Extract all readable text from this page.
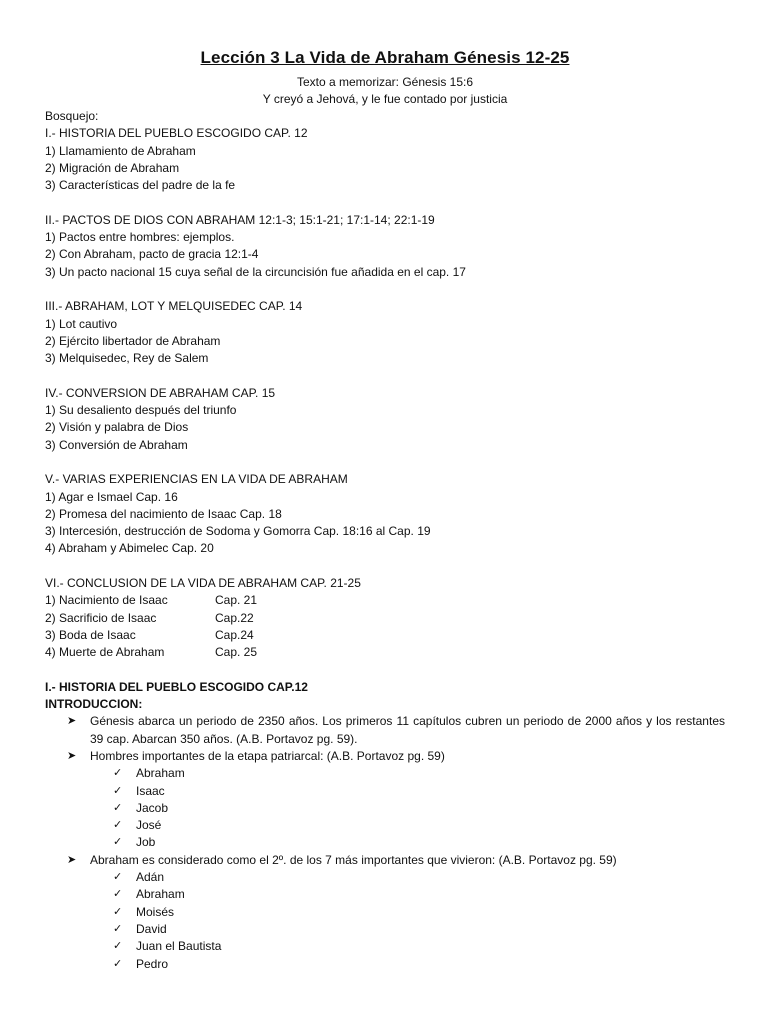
Lección 3 La Vida de Abraham Génesis 12-25
Texto a memorizar: Génesis 15:6
Y creyó a Jehová, y le fue contado por justicia
Bosquejo:
I.- HISTORIA DEL PUEBLO ESCOGIDO CAP. 12
1) Llamamiento de Abraham
2) Migración de Abraham
3) Características del padre de la fe
II.- PACTOS DE DIOS CON ABRAHAM 12:1-3; 15:1-21; 17:1-14; 22:1-19
1) Pactos entre hombres: ejemplos.
2) Con Abraham, pacto de gracia 12:1-4
3) Un pacto nacional 15 cuya señal de la circuncisión fue añadida en el cap. 17
III.- ABRAHAM, LOT Y MELQUISEDEC CAP. 14
1) Lot cautivo
2) Ejército libertador de Abraham
3) Melquisedec, Rey de Salem
IV.- CONVERSION DE ABRAHAM CAP. 15
1) Su desaliento después del triunfo
2) Visión y palabra de Dios
3) Conversión de Abraham
V.- VARIAS EXPERIENCIAS EN LA VIDA DE ABRAHAM
1) Agar e Ismael Cap. 16
2) Promesa del nacimiento de Isaac Cap. 18
3) Intercesión, destrucción de Sodoma y Gomorra Cap. 18:16 al Cap. 19
4) Abraham y Abimelec Cap. 20
VI.- CONCLUSION DE LA VIDA DE ABRAHAM CAP. 21-25
1) Nacimiento de Isaac	Cap. 21
2) Sacrificio de Isaac	Cap.22
3) Boda de Isaac	Cap.24
4) Muerte de Abraham	Cap. 25
I.- HISTORIA DEL PUEBLO ESCOGIDO CAP.12
INTRODUCCION:
➤ Génesis abarca un periodo de 2350 años. Los primeros 11 capítulos cubren un periodo de 2000 años y los restantes 39 cap. Abarcan 350 años. (A.B. Portavoz pg. 59).
➤ Hombres importantes de la etapa patriarcal: (A.B. Portavoz pg. 59)
✓ Abraham
✓ Isaac
✓ Jacob
✓ José
✓ Job
➤ Abraham es considerado como el 2º. de los 7 más importantes que vivieron: (A.B. Portavoz pg. 59)
✓ Adán
✓ Abraham
✓ Moisés
✓ David
✓ Juan el Bautista
✓ Pedro
